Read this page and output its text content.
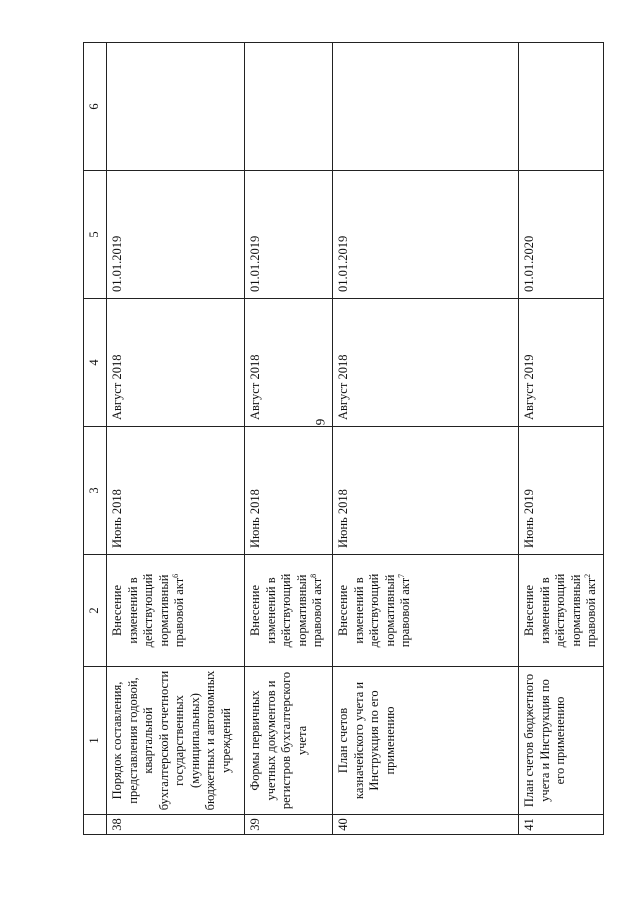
9
	1	2	3	4	5	6
38	Порядок составления, представления годовой, квартальной бухгалтерской отчетности государственных (муниципальных) бюджетных и автономных учреждений	Внесение изменений в действующий нормативный правовой акт$^6$	Июнь 2018	Август 2018	01.01.2019	
39	Формы первичных учетных документов и регистров бухгалтерского учета	Внесение изменений в действующий нормативный правовой акт$^8$	Июнь 2018	Август 2018	01.01.2019	
40	План счетов казначейского учета и Инструкция по его применению	Внесение изменений в действующий нормативный правовой акт$^7$	Июнь 2018	Август 2018	01.01.2019	
41	План счетов бюджетного учета и Инструкция по его применению	Внесение изменений в действующий нормативный правовой акт$^2$	Июнь 2019	Август 2019	01.01.2020	
